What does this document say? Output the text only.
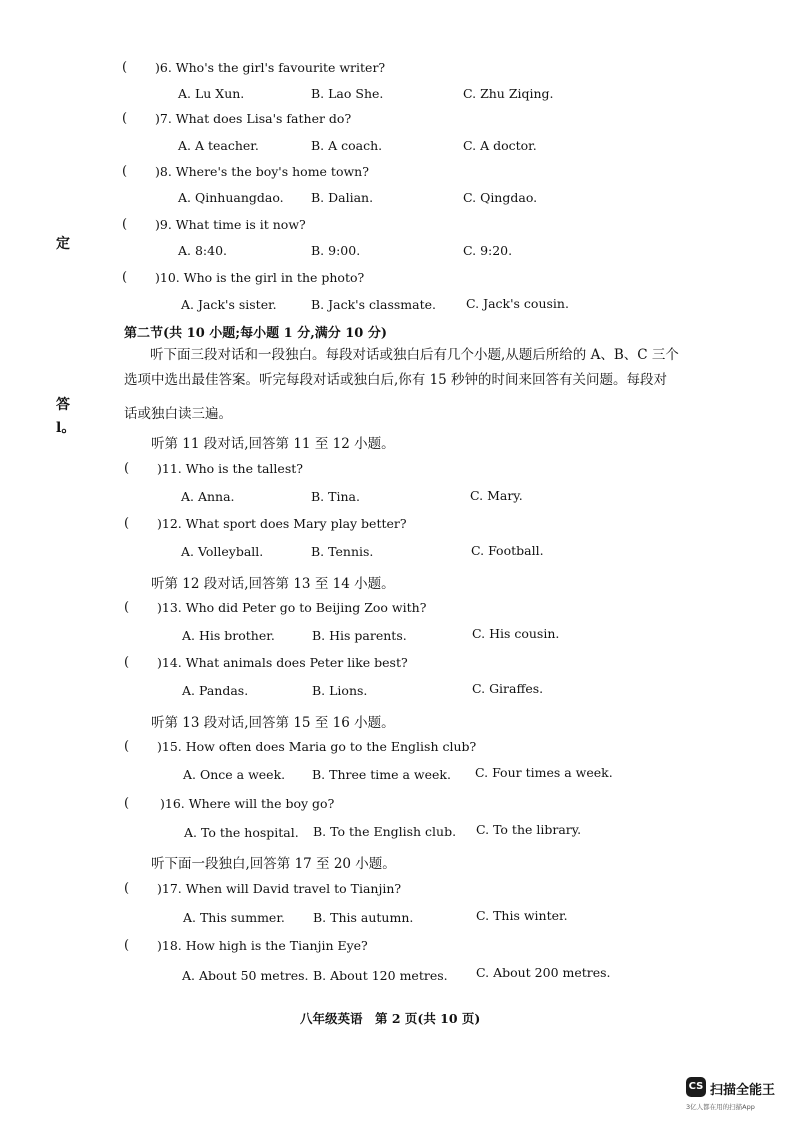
定
答
l。
( )6. Who's the girl's favourite writer?
A. Lu Xun.	B. Lao She.	C. Zhu Ziqing.
( )7. What does Lisa's father do?
A. A teacher.	B. A coach.	C. A doctor.
( )8. Where's the boy's home town?
A. Qinhuangdao. B. Dalian.	C. Qingdao.
( )9. What time is it now?
A. 8:40.	B. 9:00.	C. 9:20.
( )10. Who is the girl in the photo?
A. Jack's sister.	B. Jack's classmate. C. Jack's cousin.
第二节(共 10 小题;每小题 1 分,满分 10 分)
听下面三段对话和一段独白。每段对话或独白后有几个小题,从题后所给的 A、B、C 三个
选项中选出最佳答案。听完每段对话或独白后,你有 15 秒钟的时间来回答有关问题。每段对
话或独白读三遍。
听第 11 段对话,回答第 11 至 12 小题。
( )11. Who is the tallest?
A. Anna.	B. Tina.	C. Mary.
( )12. What sport does Mary play better?
A. Volleyball.	B. Tennis.	C. Football.
听第 12 段对话,回答第 13 至 14 小题。
( )13. Who did Peter go to Beijing Zoo with?
A. His brother.	B. His parents.	C. His cousin.
( )14. What animals does Peter like best?
A. Pandas.	B. Lions.	C. Giraffes.
听第 13 段对话,回答第 15 至 16 小题。
( )15. How often does Maria go to the English club?
A. Once a week. B. Three time a week. C. Four times a week.
( )16. Where will the boy go?
A. To the hospital. B. To the English club. C. To the library.
听下面一段独白,回答第 17 至 20 小题。
( )17. When will David travel to Tianjin?
A. This summer. B. This autumn.	C. This winter.
( )18. How high is the Tianjin Eye?
A. About 50 metres. B. About 120 metres. C. About 200 metres.
八年级英语　第 2 页(共 10 页)
CS 扫描全能王
3亿人都在用的扫描App
